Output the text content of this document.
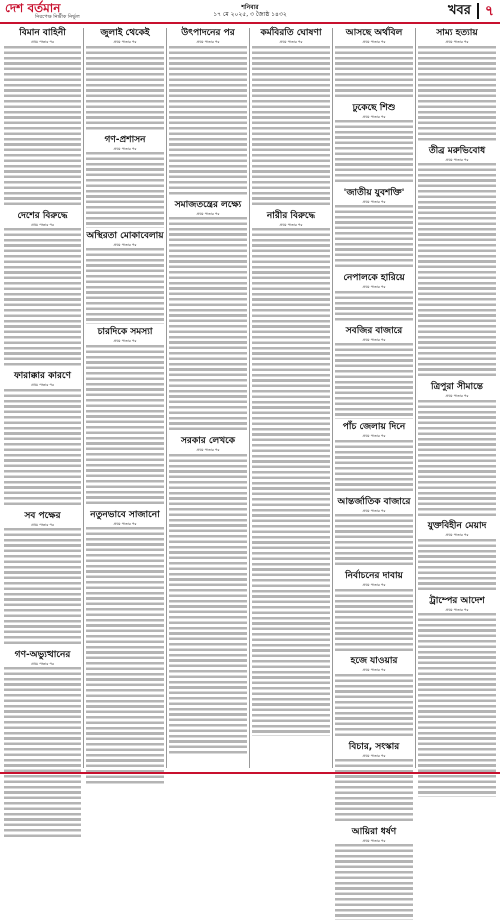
দেশ বর্তমান
নিরপেক্ষ নির্ভীক নির্ভুল
শনিবার
১৭ মে ২০২৫, ৩ জ্যৈষ্ঠ ১৪৩২	খবর ৭
বিমান বাহিনী
প্রথম পাতার পর
দেশের বিরুদ্ধে
প্রথম পাতার পর
ফারাক্কার কারণে
প্রথম পাতার পর
সব পক্ষের
প্রথম পাতার পর
গণ-অভ্যুত্থানের
প্রথম পাতার পর
জুলাই থেকেই
প্রথম পাতার পর
গণ-প্রশাসন
প্রথম পাতার পর
অস্থিরতা মোকাবেলায়
প্রথম পাতার পর
চারদিকে সমস্যা
প্রথম পাতার পর
নতুনভাবে সাজানো
প্রথম পাতার পর
উৎপাদনের পর
প্রথম পাতার পর
সমাজতন্ত্রের লক্ষ্যে
প্রথম পাতার পর
সরকার লেখকে
প্রথম পাতার পর
কর্মবিরতি ঘোষণা
প্রথম পাতার পর
নারীর বিরুদ্ধে
প্রথম পাতার পর
আসছে অর্থবিল
প্রথম পাতার পর
ঢুকেছে শিশু
প্রথম পাতার পর
'জাতীয় যুবশক্তি'
প্রথম পাতার পর
নেপালকে হারিয়ে
প্রথম পাতার পর
সবজির বাজারে
প্রথম পাতার পর
পাঁচ জেলায় দিনে
প্রথম পাতার পর
আন্তর্জাতিক বাজারে
প্রথম পাতার পর
নির্বাচনের দাবায়
প্রথম পাতার পর
হজে যাওয়ার
প্রথম পাতার পর
বিচার, সংস্কার
প্রথম পাতার পর
আয়িরা ধর্ষণ
প্রথম পাতার পর
সাম্য হত্যায়
প্রথম পাতার পর
তীব্র মরুভিবোধ
প্রথম পাতার পর
ত্রিপুরা সীমান্তে
প্রথম পাতার পর
যুক্তবিহীন মেয়াদ
প্রথম পাতার পর
ট্রাম্পের আদেশ
প্রথম পাতার পর
